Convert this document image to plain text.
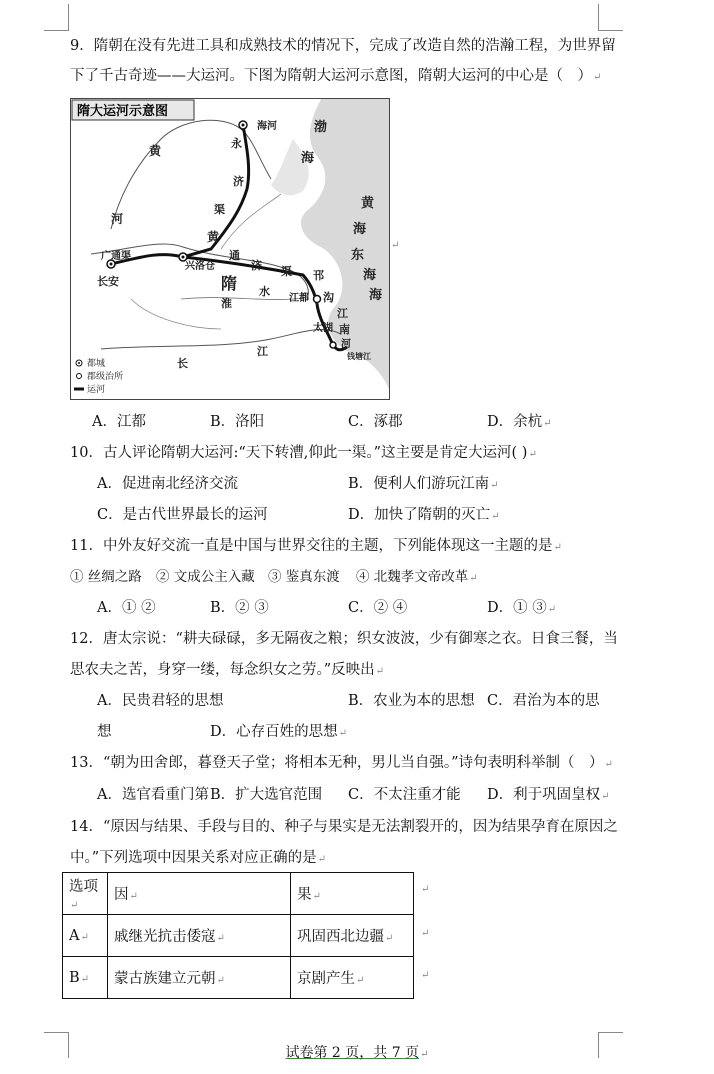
9．隋朝在没有先进工具和成熟技术的情况下，完成了改造自然的浩瀚工程，为世界留
下了千古奇迹——大运河。下图为隋朝大运河示意图，隋朝大运河的中心是（　）↵
隋大运河示意图
海河	渤
海
永
济
渠
黄
河
黄
海
东
海
海
广通渠
长安
兴洛仓
黄
通
济 渠
隋
淮
水
邗
沟
江都
江
南
河
太湖
钱塘江
长
江
都城
郡级治所
运河
↵
A．江都	B．洛阳	C．涿郡	D．余杭↵
10．古人评论隋朝大运河:“天下转漕,仰此一渠。”这主要是肯定大运河( )↵
A．促进南北经济交流	B．便利人们游玩江南↵
C．是古代世界最长的运河	D．加快了隋朝的灭亡↵
11．中外友好交流一直是中国与世界交往的主题，下列能体现这一主题的是↵
① 丝绸之路 ② 文成公主入藏 ③ 鉴真东渡 ④ 北魏孝文帝改革↵
A．① ②	B．② ③	C．② ④	D．① ③↵
12．唐太宗说：“耕夫碌碌，多无隔夜之粮；织女波波，少有御寒之衣。日食三餐，当
思农夫之苦，身穿一缕，每念织女之劳。”反映出↵
A．民贵君轻的思想	B．农业为本的思想 C．君治为本的思
想	D．心存百姓的思想↵
13．“朝为田舍郎，暮登天子堂；将相本无种，男儿当自强。”诗句表明科举制（　）↵
A．选官看重门第 B．扩大选官范围 C．不太注重才能 D．利于巩固皇权↵
14．“原因与结果、手段与目的、种子与果实是无法割裂开的，因为结果孕育在原因之
中。”下列选项中因果关系对应正确的是↵
选项↵	因↵	果↵
A↵	戚继光抗击倭寇↵	巩固西北边疆↵
B↵	蒙古族建立元朝↵	京剧产生↵
↵
↵
↵
试卷第 2 页，共 7 页↵
